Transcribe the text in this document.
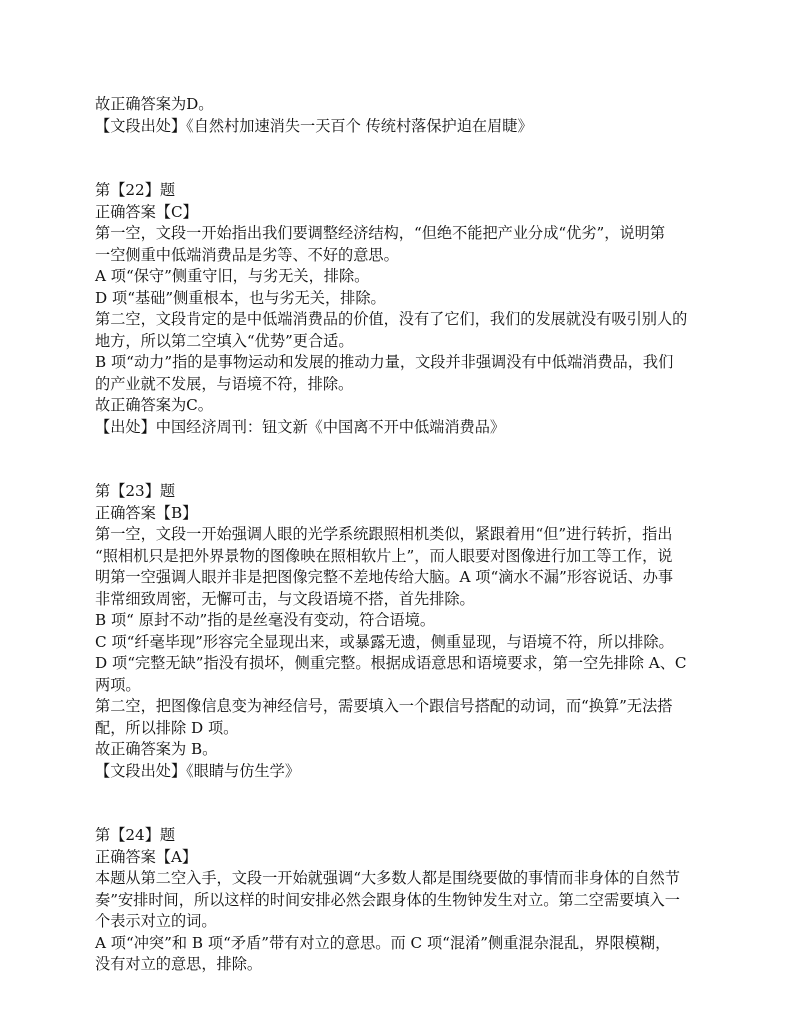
故正确答案为D。

【文段出处】《自然村加速消失一天百个 传统村落保护迫在眉睫》

第【22】题

正确答案【C】

第一空，文段一开始指出我们要调整经济结构，“但绝不能把产业分成“优劣”，说明第

一空侧重中低端消费品是劣等、不好的意思。

A 项“保守”侧重守旧，与劣无关，排除。

D 项“基础”侧重根本，也与劣无关，排除。

第二空，文段肯定的是中低端消费品的价值，没有了它们，我们的发展就没有吸引别人的

地方，所以第二空填入“优势”更合适。

B 项“动力”指的是事物运动和发展的推动力量，文段并非强调没有中低端消费品，我们

的产业就不发展，与语境不符，排除。

故正确答案为C。

【出处】中国经济周刊：钮文新《中国离不开中低端消费品》

第【23】题

正确答案【B】

第一空，文段一开始强调人眼的光学系统跟照相机类似，紧跟着用“但”进行转折，指出

“照相机只是把外界景物的图像映在照相软片上”，而人眼要对图像进行加工等工作，说

明第一空强调人眼并非是把图像完整不差地传给大脑。A 项“滴水不漏”形容说话、办事

非常细致周密，无懈可击，与文段语境不搭，首先排除。

B 项“ 原封不动”指的是丝毫没有变动，符合语境。

C 项“纤毫毕现”形容完全显现出来，或暴露无遗，侧重显现，与语境不符，所以排除。

D 项“完整无缺”指没有损坏，侧重完整。根据成语意思和语境要求，第一空先排除 A、C

两项。

第二空，把图像信息变为神经信号，需要填入一个跟信号搭配的动词，而“换算”无法搭

配，所以排除 D 项。

故正确答案为 B。

【文段出处】《眼睛与仿生学》

第【24】题

正确答案【A】

本题从第二空入手，文段一开始就强调“大多数人都是围绕要做的事情而非身体的自然节

奏”安排时间，所以这样的时间安排必然会跟身体的生物钟发生对立。第二空需要填入一

个表示对立的词。

A 项“冲突”和 B 项“矛盾”带有对立的意思。而 C 项“混淆”侧重混杂混乱，界限模糊，

没有对立的意思，排除。
